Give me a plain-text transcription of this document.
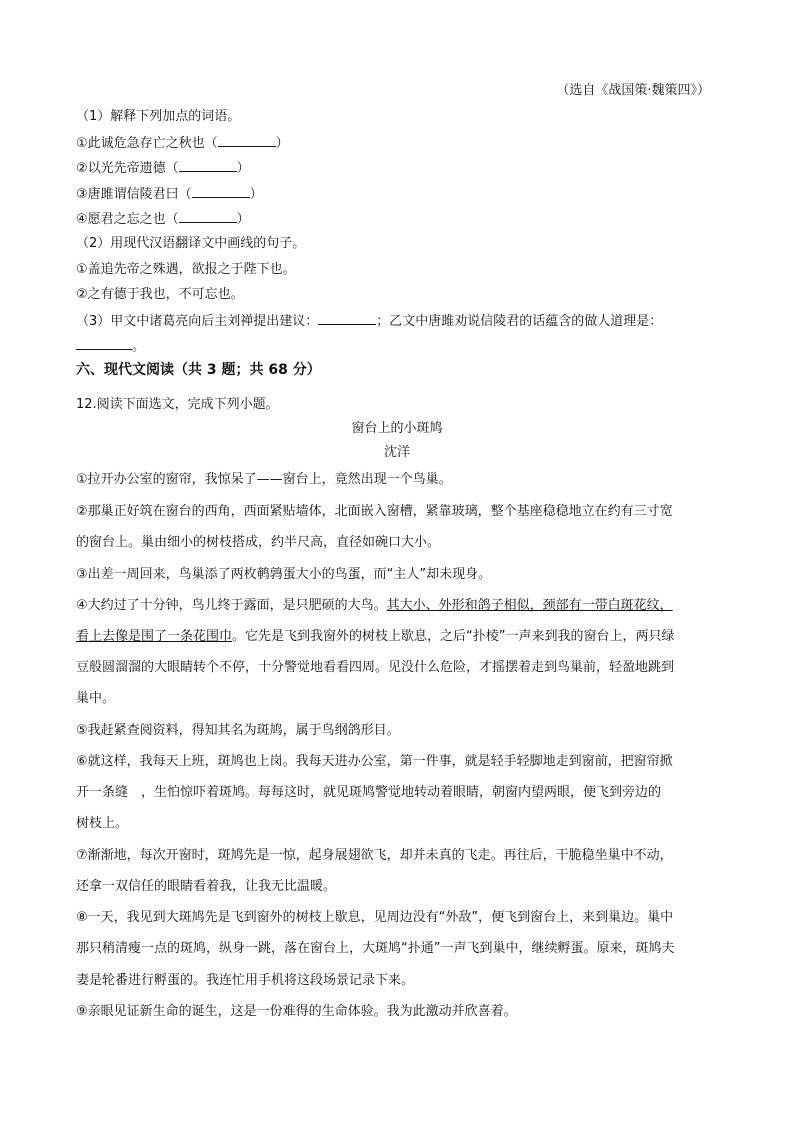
（选自《战国策·魏策四》）
（1）解释下列加点的词语。
①此诚危急存亡之秋也（	）
②以光先帝遗德（	）
③唐雎谓信陵君曰（	）
④愿君之忘之也（	）
（2）用现代汉语翻译文中画线的句子。
①盖追先帝之殊遇，欲报之于陛下也。
②之有德于我也，不可忘也。
（3）甲文中诸葛亮向后主刘禅提出建议：	；乙文中唐雎劝说信陵君的话蕴含的做人道理是：
。
六、现代文阅读（共 3 题；共 68 分）
12.阅读下面选文，完成下列小题。
窗台上的小斑鸠
沈洋
①拉开办公室的窗帘，我惊呆了——窗台上，竟然出现一个鸟巢。
②那巢正好筑在窗台的西角，西面紧贴墙体，北面嵌入窗槽，紧靠玻璃，整个基座稳稳地立在约有三寸宽
的窗台上。巢由细小的树枝搭成，约半尺高，直径如碗口大小。
③出差一周回来，鸟巢添了两枚鹌鹑蛋大小的鸟蛋，而“主人”却未现身。
④大约过了十分钟，鸟儿终于露面，是只肥硕的大鸟。其大小、外形和鸽子相似，颈部有一带白斑花纹，
看上去像是围了一条花围巾。它先是飞到我窗外的树枝上歇息，之后“扑棱”一声来到我的窗台上，两只绿
豆般圆溜溜的大眼睛转个不停，十分警觉地看看四周。见没什么危险，才摇摆着走到鸟巢前，轻盈地跳到
巢中。
⑤我赶紧查阅资料，得知其名为斑鸠，属于鸟纲鸽形目。
⑥就这样，我每天上班，斑鸠也上岗。我每天进办公室，第一件事，就是轻手轻脚地走到窗前，把窗帘掀
开一条缝　，生怕惊吓着斑鸠。每每这时，就见斑鸠警觉地转动着眼睛，朝窗内望两眼，便飞到旁边的
树枝上。
⑦渐渐地，每次开窗时，斑鸠先是一惊，起身展翅欲飞，却并未真的飞走。再往后，干脆稳坐巢中不动，
还拿一双信任的眼睛看着我，让我无比温暖。
⑧一天，我见到大斑鸠先是飞到窗外的树枝上歇息，见周边没有“外敌”，便飞到窗台上，来到巢边。巢中
那只稍清瘦一点的斑鸠，纵身一跳，落在窗台上，大斑鸠“扑通”一声飞到巢中，继续孵蛋。原来，斑鸠夫
妻是轮番进行孵蛋的。我连忙用手机将这段场景记录下来。
⑨亲眼见证新生命的诞生，这是一份难得的生命体验。我为此激动并欣喜着。
